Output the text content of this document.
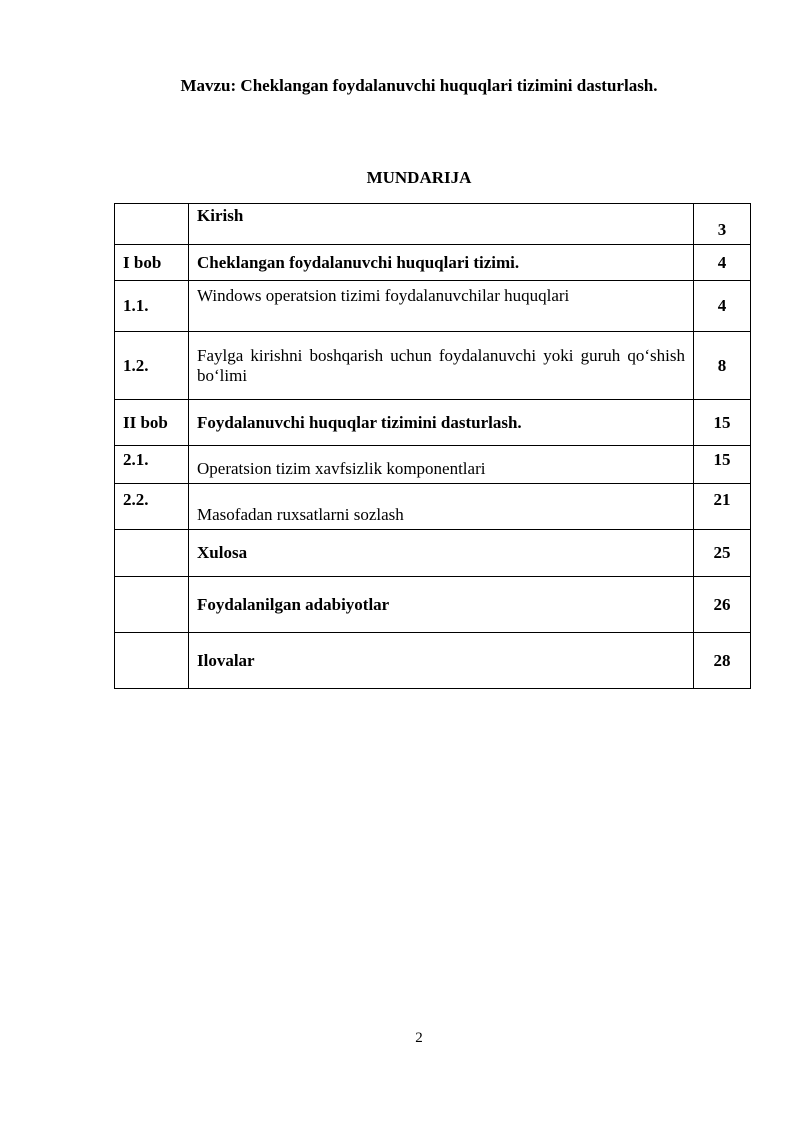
Mavzu: Cheklangan foydalanuvchi huquqlari tizimini dasturlash.
MUNDARIJA
	Kirish	3
I bob	Cheklangan foydalanuvchi huquqlari tizimi.	4
1.1.	Windows operatsion tizimi foydalanuvchilar huquqlari	4
1.2.	Faylga kirishni boshqarish uchun foydalanuvchi yoki guruh qo‘shish bo‘limi	8
II bob	Foydalanuvchi huquqlar tizimini dasturlash.	15
2.1.	Operatsion tizim xavfsizlik komponentlari	15
2.2.	Masofadan ruxsatlarni sozlash	21
	Xulosa	25
	Foydalanilgan adabiyotlar	26
	Ilovalar	28
2
